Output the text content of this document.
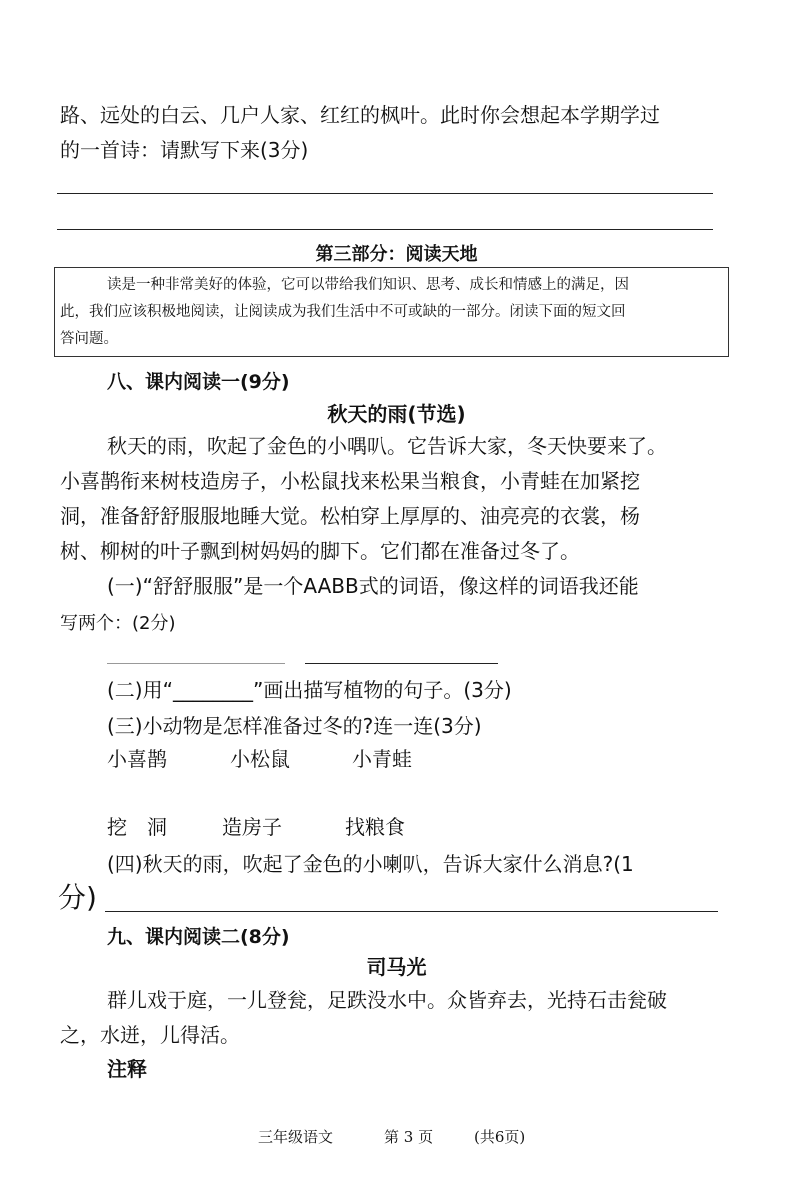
路、远处的白云、几户人家、红红的枫叶。此时你会想起本学期学过
的一首诗：请默写下来(3分)
第三部分：阅读天地
读是一种非常美好的体验，它可以带给我们知识、思考、成长和情感上的满足，因
此，我们应该积极地阅读，让阅读成为我们生活中不可或缺的一部分。闭读下面的短文回
答问题。
八、课内阅读一(9分)
秋天的雨(节选)
秋天的雨，吹起了金色的小喁叭。它告诉大家，冬天快要来了。
小喜鹊衔来树枝造房子，小松鼠找来松果当粮食，小青蛙在加紧挖
洞，准备舒舒服服地睡大觉。松柏穿上厚厚的、油亮亮的衣裳，杨
树、柳树的叶子飘到树妈妈的脚下。它们都在准备过冬了。
(一)“舒舒服服”是一个AABB式的词语，像这样的词语我还能
写两个：(2分)
(二)用“________”画出描写植物的句子。(3分)
(三)小动物是怎样准备过冬的?连一连(3分)
小喜鹊	小松鼠	小青蛙
挖　洞	造房子	找粮食
(四)秋天的雨，吹起了金色的小喇叭，告诉大家什么消息?(1
分)
九、课内阅读二(8分)
司马光
群儿戏于庭，一儿登瓮，足跌没水中。众皆弃去，光持石击瓮破
之，水迸，儿得活。
注释
三年级语文	第 3 页	(共6页)
